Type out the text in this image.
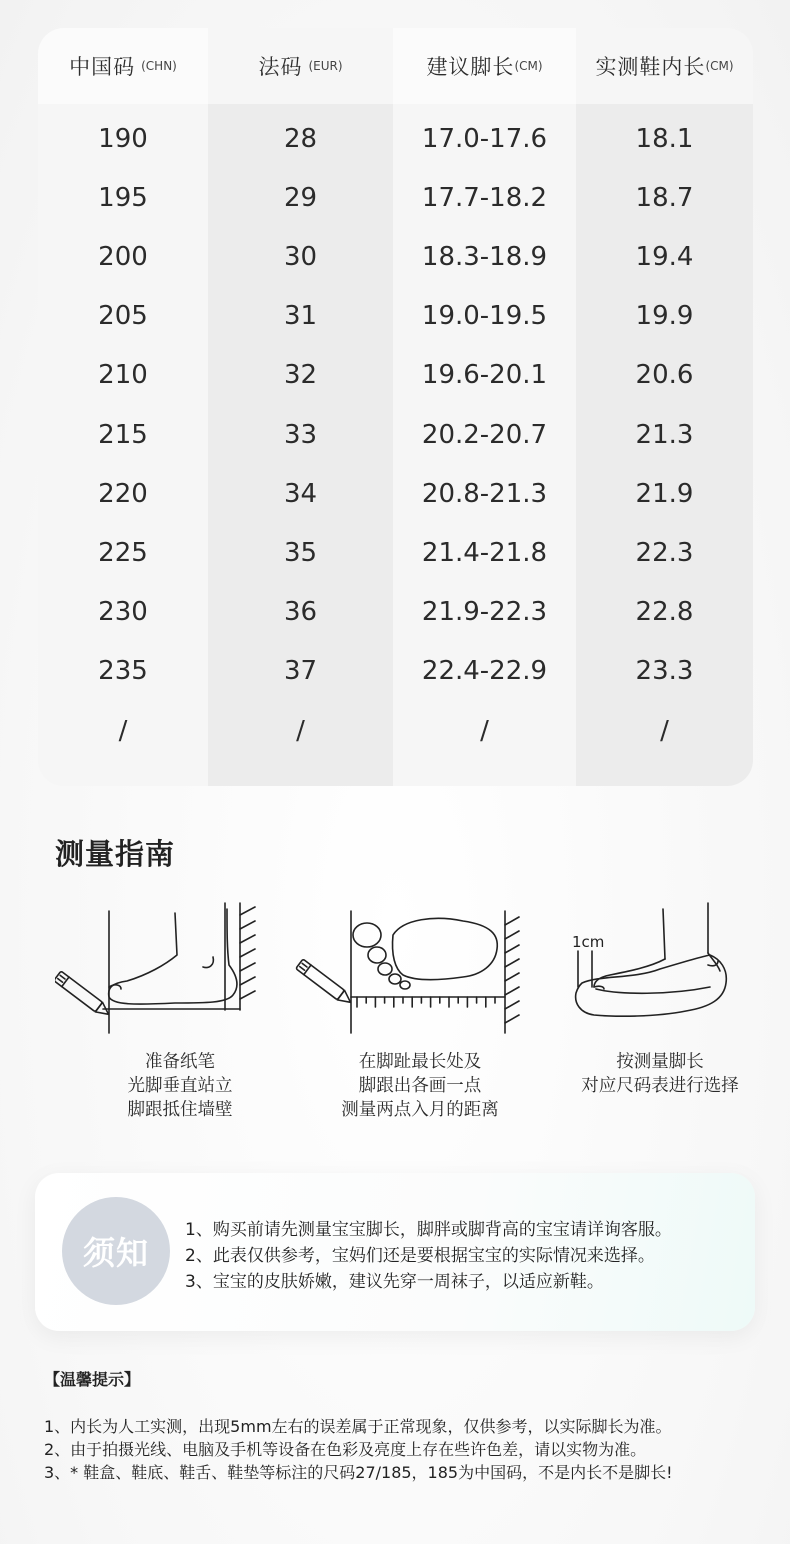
中国码 (CHN)	法码 (EUR)	建议脚长 (CM)	实测鞋内长 (CM)
190	28	17.0-17.6	18.1
195	29	17.7-18.2	18.7
200	30	18.3-18.9	19.4
205	31	19.0-19.5	19.9
210	32	19.6-20.1	20.6
215	33	20.2-20.7	21.3
220	34	20.8-21.3	21.9
225	35	21.4-21.8	22.3
230	36	21.9-22.3	22.8
235	37	22.4-22.9	23.3
/	/	/	/
测量指南
准备纸笔
光脚垂直站立
脚跟抵住墙壁
在脚趾最长处及
脚跟出各画一点
测量两点入月的距离
1cm
按测量脚长
对应尺码表进行选择
须知
1、购买前请先测量宝宝脚长，脚胖或脚背高的宝宝请详询客服。
2、此表仅供参考，宝妈们还是要根据宝宝的实际情况来选择。
3、宝宝的皮肤娇嫩，建议先穿一周袜子，以适应新鞋。
【温馨提示】
1、内长为人工实测，出现5mm左右的误差属于正常现象，仅供参考，以实际脚长为准。
2、由于拍摄光线、电脑及手机等设备在色彩及亮度上存在些许色差，请以实物为准。
3、* 鞋盒、鞋底、鞋舌、鞋垫等标注的尺码27/185，185为中国码，不是内长不是脚长!
